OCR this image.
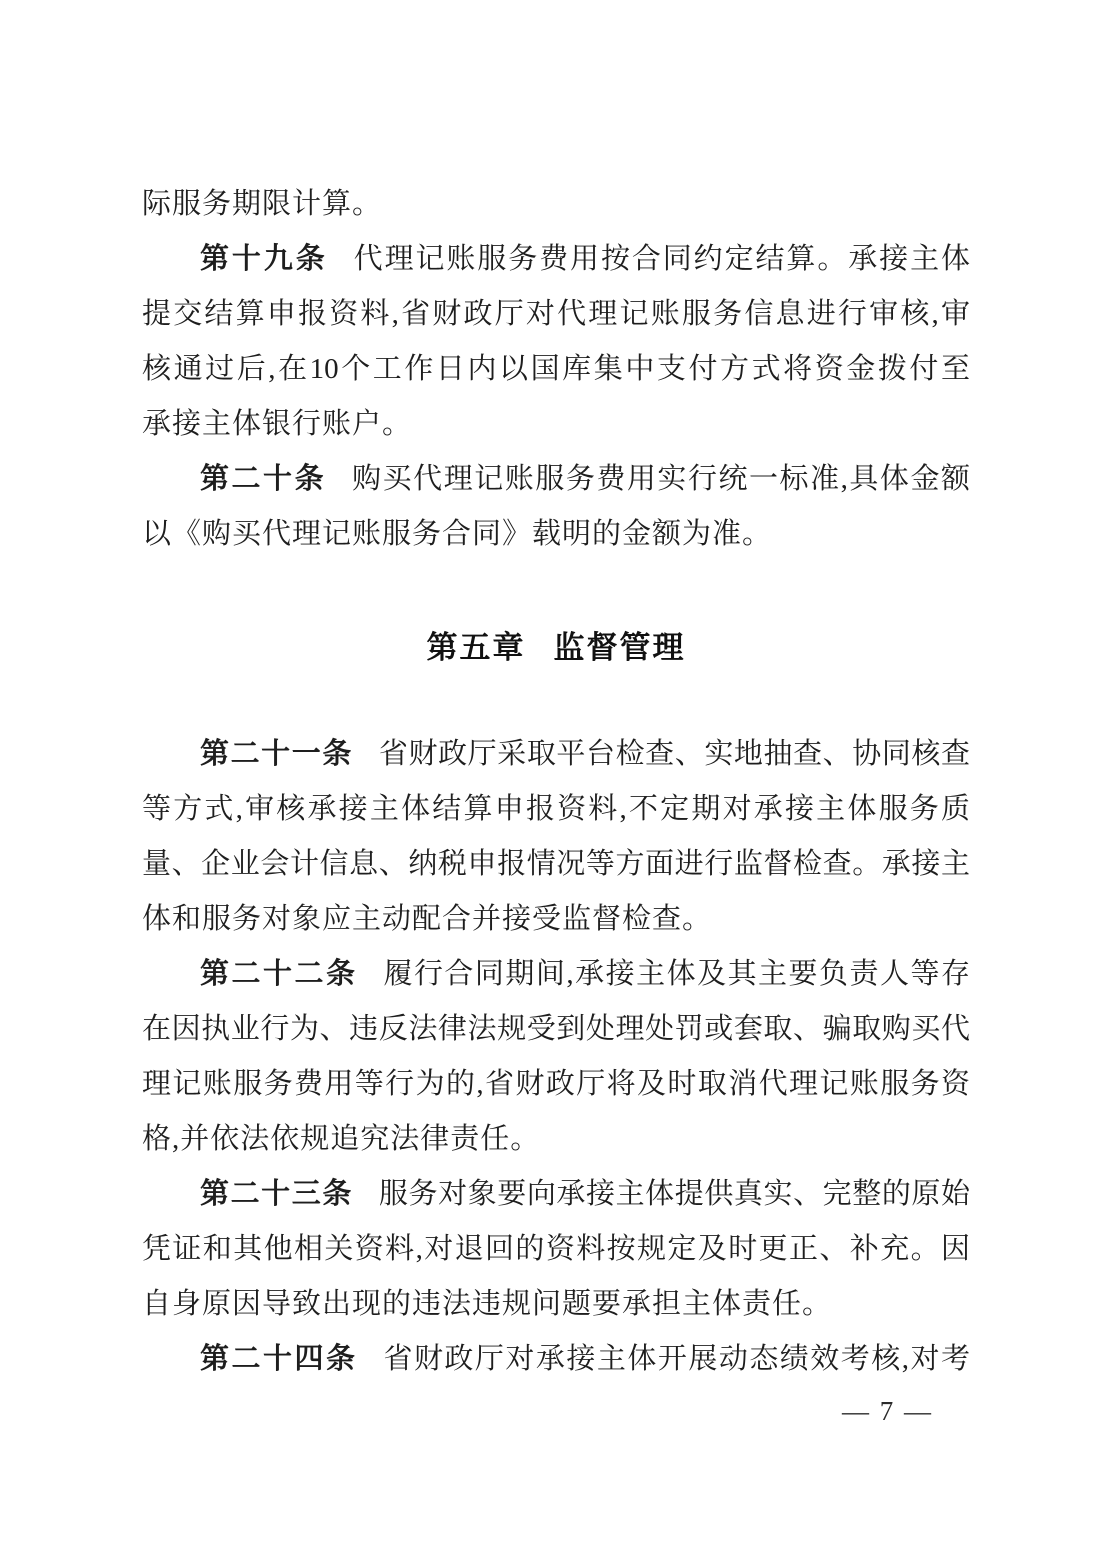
际服务期限计算。
第十九条 代理记账服务费用按合同约定结算。承接主体
提交结算申报资料,省财政厅对代理记账服务信息进行审核,审
核通过后,在10个工作日内以国库集中支付方式将资金拨付至
承接主体银行账户。
第二十条 购买代理记账服务费用实行统一标准,具体金额
以《购买代理记账服务合同》载明的金额为准。
第五章 监督管理
第二十一条 省财政厅采取平台检查、实地抽查、协同核查
等方式,审核承接主体结算申报资料,不定期对承接主体服务质
量、企业会计信息、纳税申报情况等方面进行监督检查。承接主
体和服务对象应主动配合并接受监督检查。
第二十二条 履行合同期间,承接主体及其主要负责人等存
在因执业行为、违反法律法规受到处理处罚或套取、骗取购买代
理记账服务费用等行为的,省财政厅将及时取消代理记账服务资
格,并依法依规追究法律责任。
第二十三条 服务对象要向承接主体提供真实、完整的原始
凭证和其他相关资料,对退回的资料按规定及时更正、补充。因
自身原因导致出现的违法违规问题要承担主体责任。
第二十四条 省财政厅对承接主体开展动态绩效考核,对考
— 7 —
